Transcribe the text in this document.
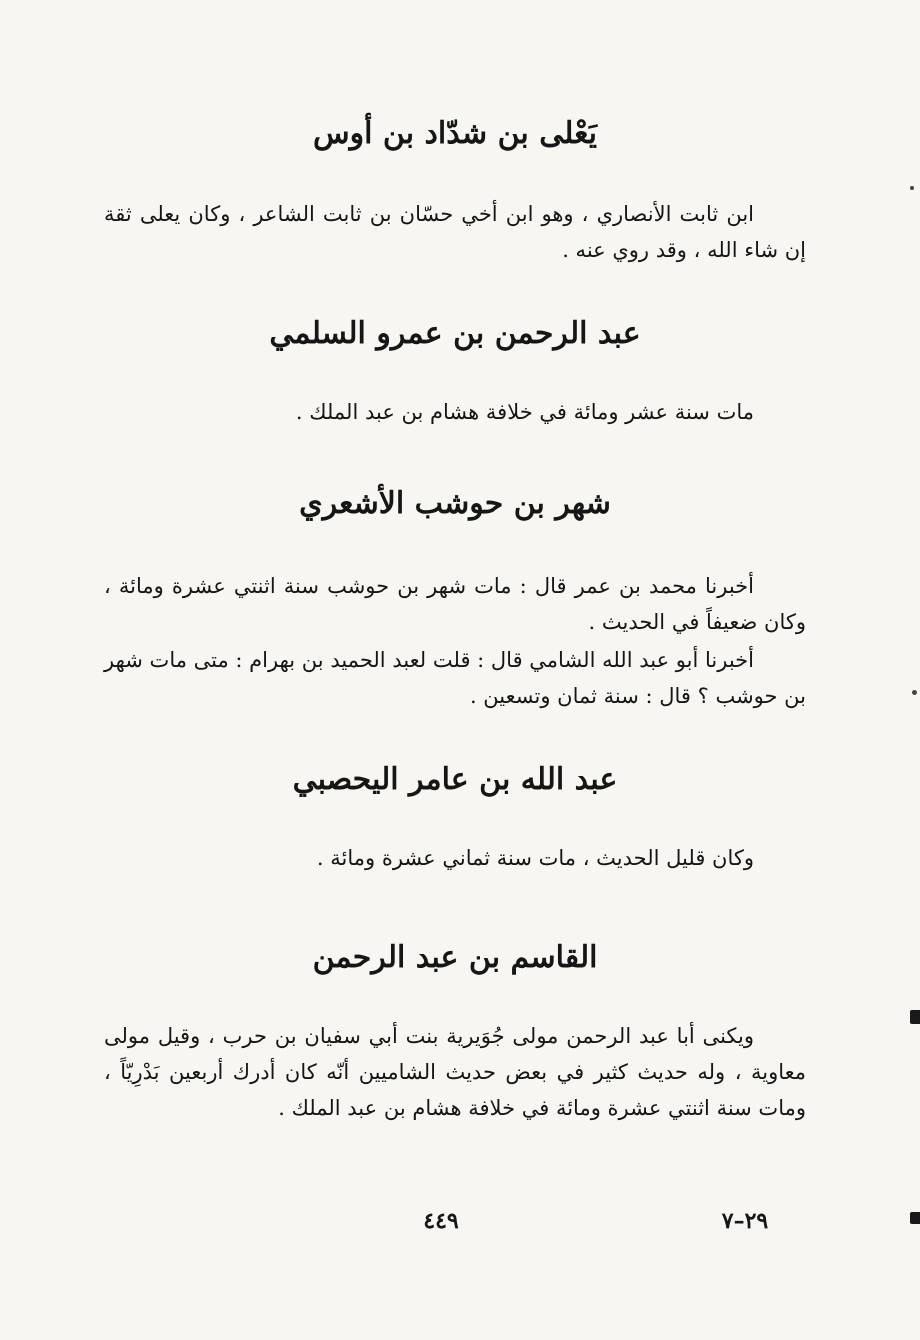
يَعْلى بن شدّاد بن أوس

ابن ثابت الأنصاري ، وهو ابن أخي حسّان بن ثابت الشاعر ، وكان يعلى ثقة إن شاء الله ، وقد روي عنه .

عبد الرحمن بن عمرو السلمي

مات سنة عشر ومائة في خلافة هشام بن عبد الملك .

شهر بن حوشب الأشعري

أخبرنا محمد بن عمر قال : مات شهر بن حوشب سنة اثنتي عشرة ومائة ، وكان ضعيفاً في الحديث .

أخبرنا أبو عبد الله الشامي قال : قلت لعبد الحميد بن بهرام : متى مات شهر بن حوشب ؟ قال : سنة ثمان وتسعين .

عبد الله بن عامر اليحصبي

وكان قليل الحديث ، مات سنة ثماني عشرة ومائة .

القاسم بن عبد الرحمن

ويكنى أبا عبد الرحمن مولى جُوَيرية بنت أبي سفيان بن حرب ، وقيل مولى معاوية ، وله حديث كثير في بعض حديث الشاميين أنّه كان أدرك أربعين بَدْرِيّاً ، ومات سنة اثنتي عشرة ومائة في خلافة هشام بن عبد الملك .

٤٤٩	٢٩–٧
